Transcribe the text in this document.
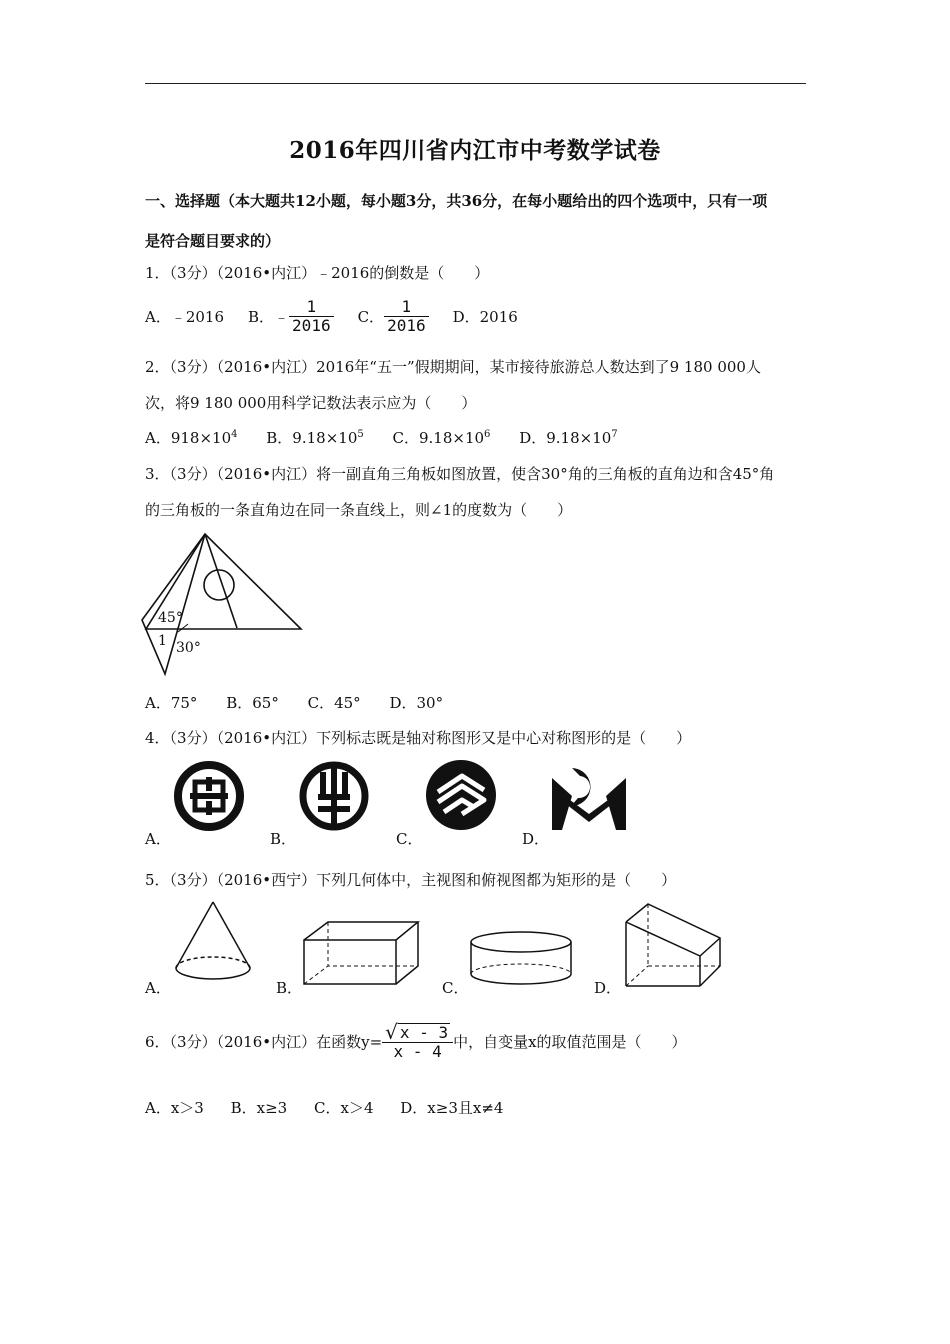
2016年四川省内江市中考数学试卷
一、选择题（本大题共12小题，每小题3分，共36分，在每小题给出的四个选项中，只有一项
是符合题目要求的）
1．（3分）（2016•内江）﹣2016的倒数是（　　）
A．﹣2016 B．﹣ $\frac{1}{2016}$ C． $\frac{1}{2016}$ D．2016
2．（3分）（2016•内江）2016年“五一”假期期间，某市接待旅游总人数达到了9 180 000人
次，将9 180 000用科学记数法表示应为（　　）
A．$918\times 10^4$ B．$9.18\times 10^5$ C．$9.18\times 10^6$ D．$9.18\times 10^7$
3．（3分）（2016•内江）将一副直角三角板如图放置，使含30°角的三角板的直角边和含45°角
的三角板的一条直角边在同一条直线上，则∠1的度数为（　　）
45°
1 30°
A．75° B．65° C．45° D．30°
4．（3分）（2016•内江）下列标志既是轴对称图形又是中心对称图形的是（　　）
A．	B．	C．	D．
5．（3分）（2016•西宁）下列几何体中，主视图和俯视图都为矩形的是（　　）
A．	B．	C．	D．
6．（3分）（2016•内江）在函数$y= \frac{√ x - 3}{x - 4}$ 中，自变量x的取值范围是（　　）
A．x＞3 B．x≥3 C．x＞4 D．x≥3且x≠4
